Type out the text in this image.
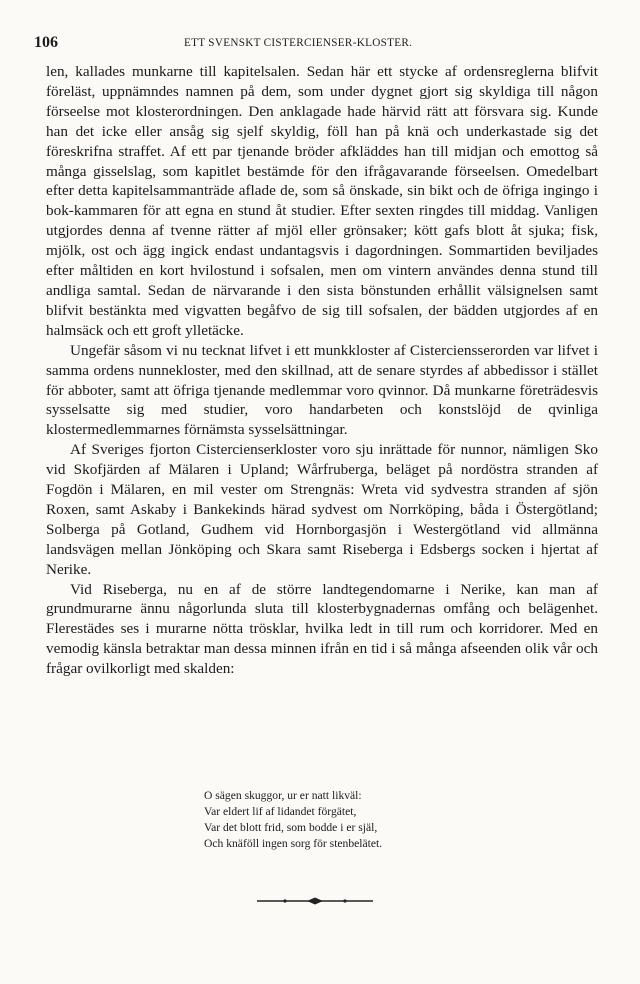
106	ETT SVENSKT CISTERCIENSER-KLOSTER.

len, kallades munkarne till kapitelsalen. Sedan här ett stycke af ordensreglerna blifvit föreläst, uppnämndes namnen på dem, som under dygnet gjort sig skyldiga till någon förseelse mot klosterordningen. Den anklagade hade härvid rätt att försvara sig. Kunde han det icke eller ansåg sig sjelf skyldig, föll han på knä och underkastade sig det föreskrifna straffet. Af ett par tjenande bröder afkläddes han till midjan och emottog så många gisselslag, som kapitlet bestämde för den ifrågavarande förseelsen. Omedelbart efter detta kapitelsammanträde aflade de, som så önskade, sin bikt och de öfriga ingingo i bok-kammaren för att egna en stund åt studier. Efter sexten ringdes till middag. Vanligen utgjordes denna af tvenne rätter af mjöl eller grönsaker; kött gafs blott åt sjuka; fisk, mjölk, ost och ägg ingick endast undantagsvis i dagordningen. Sommartiden beviljades efter måltiden en kort hvilostund i sofsalen, men om vintern användes denna stund till andliga samtal. Sedan de närvarande i den sista bönstunden erhållit välsignelsen samt blifvit bestänkta med vigvatten begåfvo de sig till sofsalen, der bädden utgjordes af en halmsäck och ett groft ylletäcke.

Ungefär såsom vi nu tecknat lifvet i ett munkkloster af Cisterciensserorden var lifvet i samma ordens nunnekloster, med den skillnad, att de senare styrdes af abbedissor i stället för abboter, samt att öfriga tjenande medlemmar voro qvinnor. Då munkarne företrädesvis sysselsatte sig med studier, voro handarbeten och konstslöjd de qvinliga klostermedlemmarnes förnämsta sysselsättningar.

Af Sveriges fjorton Cistercienserkloster voro sju inrättade för nunnor, nämligen Sko vid Skofjärden af Mälaren i Upland; Wårfruberga, beläget på nordöstra stranden af Fogdön i Mälaren, en mil vester om Strengnäs: Wreta vid sydvestra stranden af sjön Roxen, samt Askaby i Bankekinds härad sydvest om Norrköping, båda i Östergötland; Solberga på Gotland, Gudhem vid Hornborgasjön i Westergötland vid allmänna landsvägen mellan Jönköping och Skara samt Riseberga i Edsbergs socken i hjertat af Nerike.

Vid Riseberga, nu en af de större landtegendomarne i Nerike, kan man af grundmurarne ännu någorlunda sluta till klosterbygnadernas omfång och belägenhet. Flerestädes ses i murarne nötta trösklar, hvilka ledt in till rum och korridorer. Med en vemodig känsla betraktar man dessa minnen ifrån en tid i så många afseenden olik vår och frågar ovilkorligt med skalden:

O sägen skuggor, ur er natt likväl:
Var eldert lif af lidandet förgätet,
Var det blott frid, som bodde i er själ,
Och knäföll ingen sorg för stenbelätet.
